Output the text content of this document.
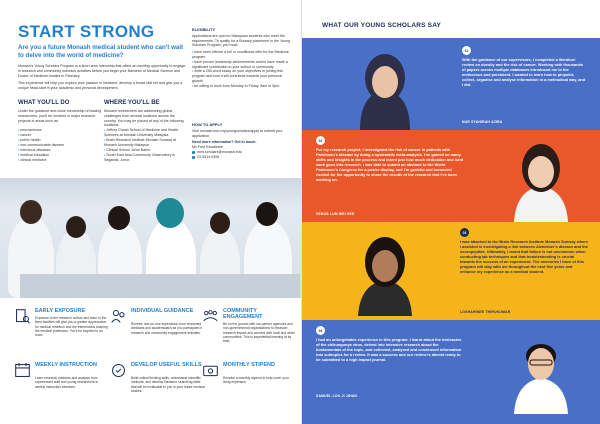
START STRONG
Are you a future Monash medical student who can't wait to delve into the world of medicine?

Monash's Young Scholars Program is a short-term internship that offers an exciting opportunity to engage in research and community outreach activities before you begin your Bachelor of Medical Science and Doctor of Medicine studies in February.

This experience will help you explore your passion in medicine, develop a broad skill set and give you a unique head-start in your academic and personal development.

WHAT YOU'LL DO
Under the guidance and close mentorship of leading researchers, you'll be involved in major research projects in areas such as:
• neuroscience
• cancer
• public health
• non-communicable disease
• infectious diseases
• medical education
• clinical medicine.
WHERE YOU'LL BE
Monash researchers are addressing global challenges from several locations across the country. You may be placed at any of the following locations:
• Jeffrey Cheah School of Medicine and Health Sciences at Monash University Malaysia
• Brain Research Institute Monash Sunway at Monash University Malaysia
• Clinical School Johor Bahru
• South East Asia Community Observatory in Segamat, Johor.
ELIGIBILITY
Applications are open to Malaysian students who meet the requirements. To qualify for a Bursary placement in the Young Scholars Program, you must:
• have been offered a full or conditional offer for the Medicine program
• have proven leadership achievements and/or have made a significant contribution to your school or community
• write a 250-word essay on your objectives in joining this program and how it will contribute towards your personal growth
• be willing to work from Monday to Friday, 8am to 5pm.
HOW TO APPLY
Visit monash.edu.my/youngscholars/apply to submit your application.
Need more information? Get in touch.
Ms Fred Kinsaleem
med.scholars@monash.edu
03-5514 6306
EARLY EXPOSURE
Exposure to the research culture and learn in the fixed facilities will give you a greater appreciation for medical research and the tremendous shaping the medical profession. You'll be inspired to do more.
INDIVIDUAL GUIDANCE
Receive one-on-one supervision from renowned clinicians and academicians as you participate in research and community engagement activities.
COMMUNITY ENGAGEMENT
Be on the ground with our partner agencies and non-governmental organisations to measure research impact and connect with local and wider communities. This is experiential learning at its best.
WEEKLY INSTRUCTION
Learn research methods and analysis from experienced staff and young researchers in weekly instruction sessions.
DEVELOP USEFUL SKILLS
Build critical thinking skills, understand scientific methods, and develop literature searching skills that will be invaluable to you in your future medical studies.
MONTHLY STIPEND
Receive a monthly stipend to help cover your living expenses.
WHAT OUR YOUNG SCHOLARS SAY
01
With the guidance of our supervisors, I completed a literature review on obesity and the risk of cancer. Working with thousands of papers across multiple databases introduced me to the meticulous and persistent. I wanted to learn how to pinpoint, collect, organise and analyse information in a methodical way, and I did.
NUR SYAHIRAH AZIRA
02
For my research project, I investigated the risk of cancer in patients with Parkinson's disease by doing a systematic meta-analysis. I've gained so many skills and insights in the process and learnt just how much dedication and hard work goes into research. I was able to submit an abstract to the World Parkinson's Congress for a poster display, and I'm grateful and honoured excited for the opportunity to share the results of the research that I've been working on.
VENUS LUM WEI XEE
03
I was attached to the Brain Research Institute Monash Sunway where I assisted in investigating a link between Alzheimer's disease and the neuropeptide. Ultimately, I learnt that failure is not uncommon when conducting lab techniques and that troubleshooting is crucial towards the success of an experiment. The memories I have of this program will stay with me throughout the next five years and enhance my experience as a medical student.
LOSHAHINEE THIRUKUMAR
04
I had an unforgettable experience in this program. I learnt about the intricacies of the chikungunya virus, delved into intensive research about the fundamentals of the topic, and collected, analysed and condensed information into subtopics for a review. It was a success and our review is almost ready to be submitted to a high impact journal.
SAMUEL LOK JI JIHAN
